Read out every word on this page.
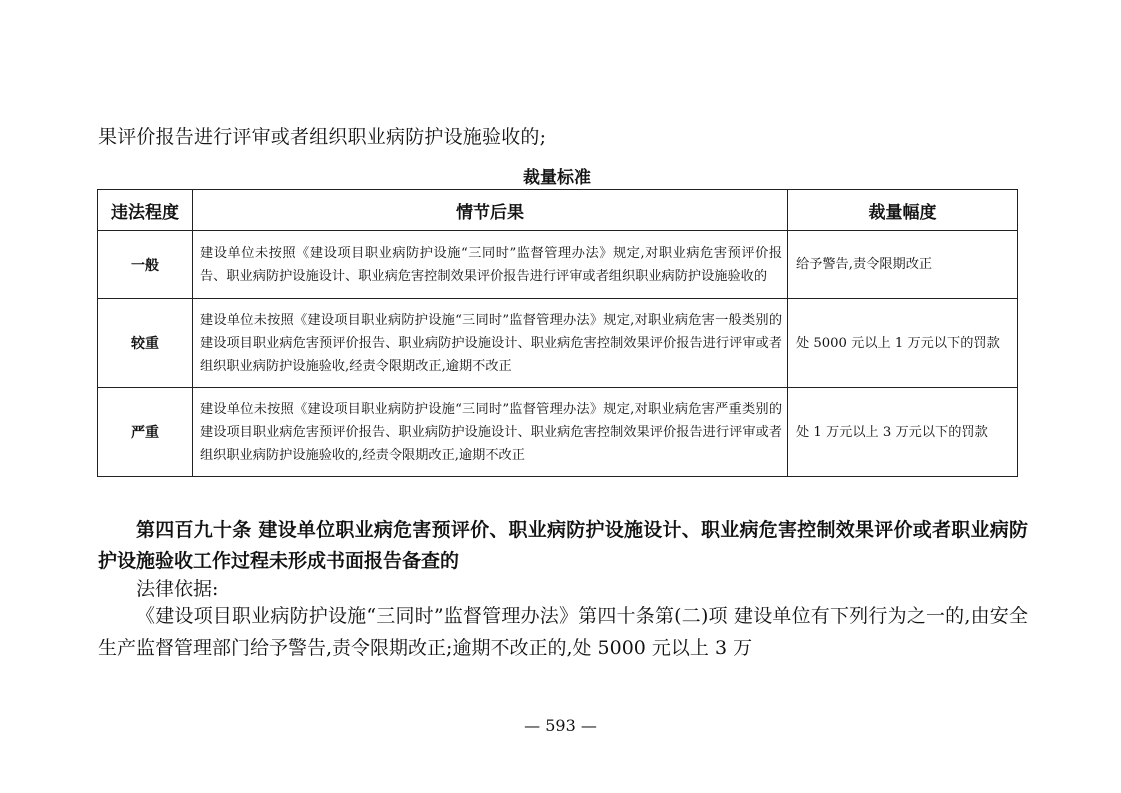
果评价报告进行评审或者组织职业病防护设施验收的;
裁量标准
违法程度	情节后果	裁量幅度
一般	建设单位未按照《建设项目职业病防护设施“三同时”监督管理办法》规定,对职业病危害预评价报告、职业病防护设施设计、职业病危害控制效果评价报告进行评审或者组织职业病防护设施验收的	给予警告,责令限期改正
较重	建设单位未按照《建设项目职业病防护设施“三同时”监督管理办法》规定,对职业病危害一般类别的建设项目职业病危害预评价报告、职业病防护设施设计、职业病危害控制效果评价报告进行评审或者组织职业病防护设施验收,经责令限期改正,逾期不改正	处 5000 元以上 1 万元以下的罚款
严重	建设单位未按照《建设项目职业病防护设施“三同时”监督管理办法》规定,对职业病危害严重类别的建设项目职业病危害预评价报告、职业病防护设施设计、职业病危害控制效果评价报告进行评审或者组织职业病防护设施验收的,经责令限期改正,逾期不改正	处 1 万元以上 3 万元以下的罚款
第四百九十条 建设单位职业病危害预评价、职业病防护设施设计、职业病危害控制效果评价或者职业病防护设施验收工作过程未形成书面报告备查的
法律依据:
《建设项目职业病防护设施“三同时”监督管理办法》第四十条第(二)项 建设单位有下列行为之一的,由安全生产监督管理部门给予警告,责令限期改正;逾期不改正的,处 5000 元以上 3 万
— 593 —
